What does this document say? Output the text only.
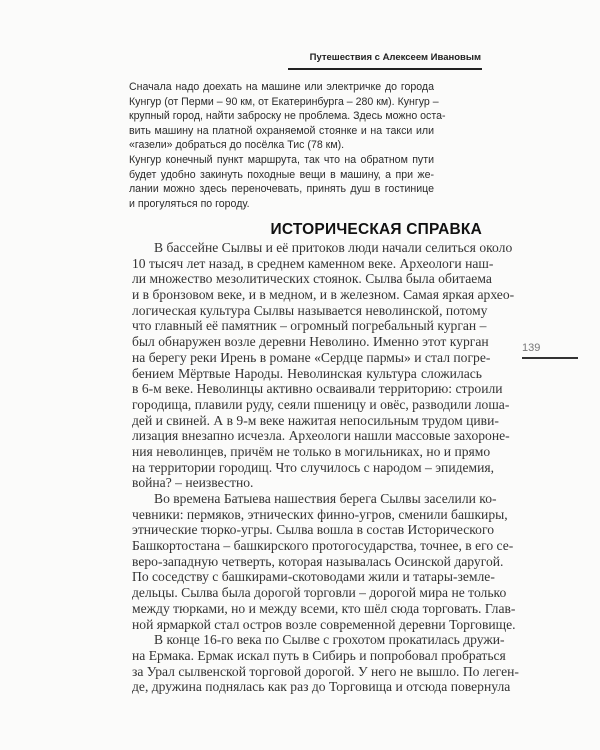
Путешествия с Алексеем Ивановым
Сначала надо доехать на машине или электричке до города
Кунгур (от Перми – 90 км, от Екатеринбурга – 280 км). Кунгур –
крупный город, найти заброску не проблема. Здесь можно оста-
вить машину на платной охраняемой стоянке и на такси или
«газели» добраться до посёлка Тис (78 км).
Кунгур конечный пункт маршрута, так что на обратном пути
будет удобно закинуть походные вещи в машину, а при же-
лании можно здесь переночевать, принять душ в гостинице
и прогуляться по городу.
ИСТОРИЧЕСКАЯ СПРАВКА
В бассейне Сылвы и её притоков люди начали селиться около
10 тысяч лет назад, в среднем каменном веке. Археологи наш-
ли множество мезолитических стоянок. Сылва была обитаема
и в бронзовом веке, и в медном, и в железном. Самая яркая архео-
логическая культура Сылвы называется неволинской, потому
что главный её памятник – огромный погребальный курган –
был обнаружен возле деревни Неволино. Именно этот курган
на берегу реки Ирень в романе «Сердце пармы» и стал погре-
бением Мёртвые Народы. Неволинская культура сложилась
в 6-м веке. Неволинцы активно осваивали территорию: строили
городища, плавили руду, сеяли пшеницу и овёс, разводили лоша-
дей и свиней. А в 9-м веке нажитая непосильным трудом циви-
лизация внезапно исчезла. Археологи нашли массовые захороне-
ния неволинцев, причём не только в могильниках, но и прямо
на территории городищ. Что случилось с народом – эпидемия,
война? – неизвестно.
Во времена Батыева нашествия берега Сылвы заселили ко-
чевники: пермяков, этнических финно-угров, сменили башкиры,
этнические тюрко-угры. Сылва вошла в состав Исторического
Башкортостана – башкирского протогосударства, точнее, в его се-
веро-западную четверть, которая называлась Осинской даругой.
По соседству с башкирами-скотоводами жили и татары-земле-
дельцы. Сылва была дорогой торговли – дорогой мира не только
между тюрками, но и между всеми, кто шёл сюда торговать. Глав-
ной ярмаркой стал остров возле современной деревни Торговище.
В конце 16-го века по Сылве с грохотом прокатилась дружи-
на Ермака. Ермак искал путь в Сибирь и попробовал пробраться
за Урал сылвенской торговой дорогой. У него не вышло. По леген-
де, дружина поднялась как раз до Торговища и отсюда повернула
139
